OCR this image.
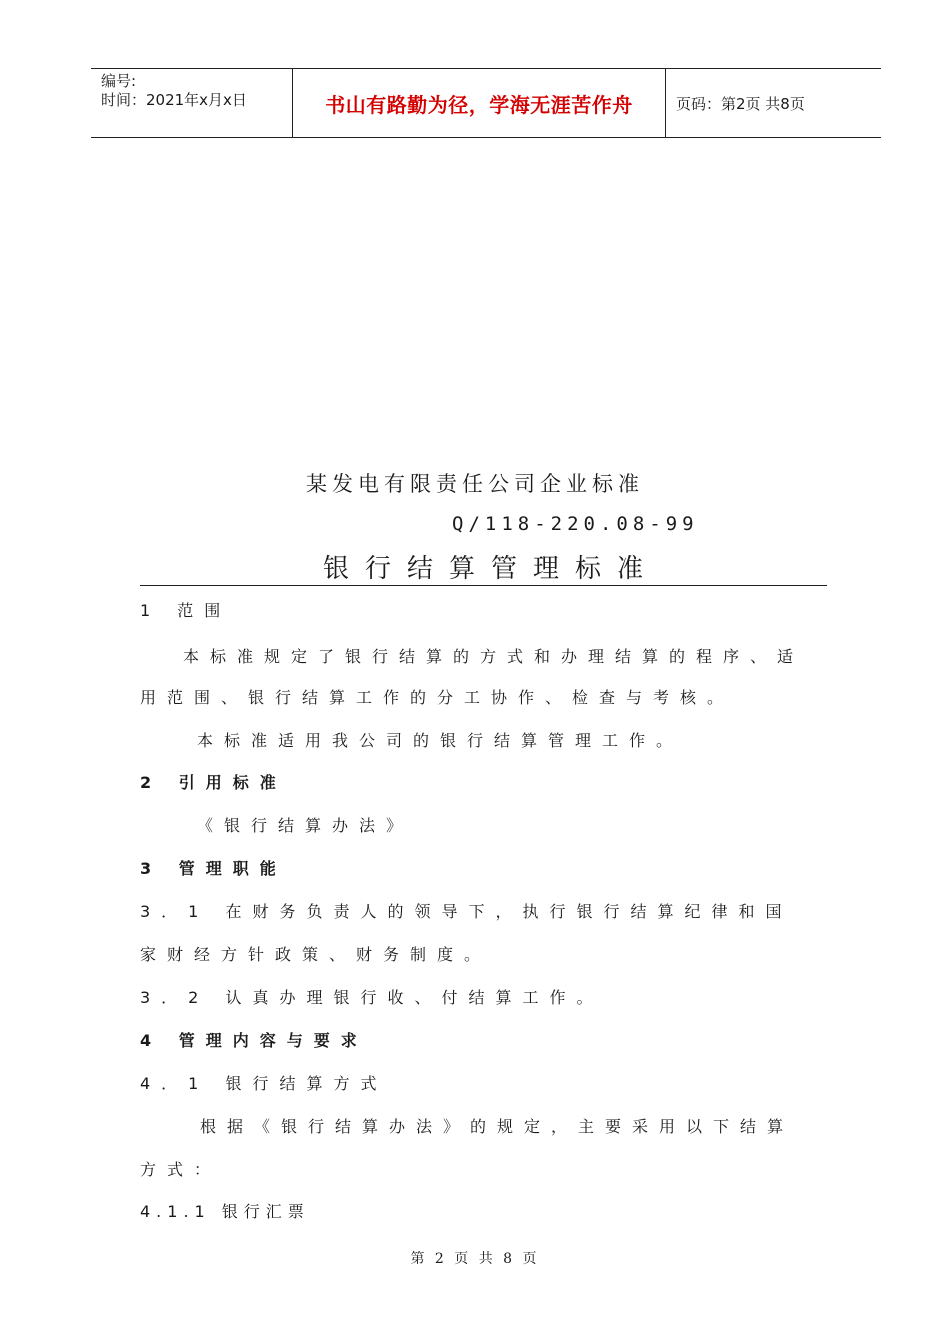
编号:
时间：2021年x月x日	书山有路勤为径，学海无涯苦作舟	页码：第2页 共8页
某发电有限责任公司企业标准
Q/118-220.08-99
银行结算管理标准
1 范围
本标准规定了银行结算的方式和办理结算的程序、适
用范围、银行结算工作的分工协作、检查与考核。
本标准适用我公司的银行结算管理工作。
2 引用标准
《银行结算办法》
3 管理职能
3．1 在财务负责人的领导下，执行银行结算纪律和国
家财经方针政策、财务制度。
3．2 认真办理银行收、付结算工作。
4 管理内容与要求
4．1 银行结算方式
根据《银行结算办法》的规定，主要采用以下结算
方式：
4.1.1 银行汇票
第 2 页 共 8 页
